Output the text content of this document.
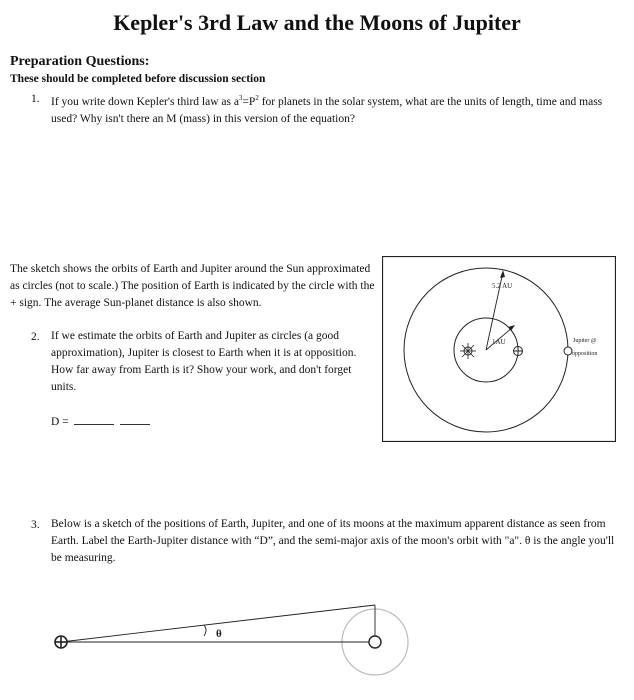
Kepler's 3rd Law and the Moons of Jupiter
Preparation Questions:
These should be completed before discussion section
1. If you write down Kepler's third law as $a^3=P^2$ for planets in the solar system, what are the units of length, time and mass used? Why isn't there an M (mass) in this version of the equation?
The sketch shows the orbits of Earth and Jupiter around the Sun approximated as circles (not to scale.) The position of Earth is indicated by the circle with the + sign. The average Sun-planet distance is also shown.
2. If we estimate the orbits of Earth and Jupiter as circles (a good approximation), Jupiter is closest to Earth when it is at opposition. How far away from Earth is it? Show your work, and don't forget units.
D =
5.2 AU
1AU	Jupiter @
opposition
3. Below is a sketch of the positions of Earth, Jupiter, and one of its moons at the maximum apparent distance as seen from Earth. Label the Earth-Jupiter distance with “D”, and the semi-major axis of the moon's orbit with "a". θ is the angle you'll be measuring.
θ
